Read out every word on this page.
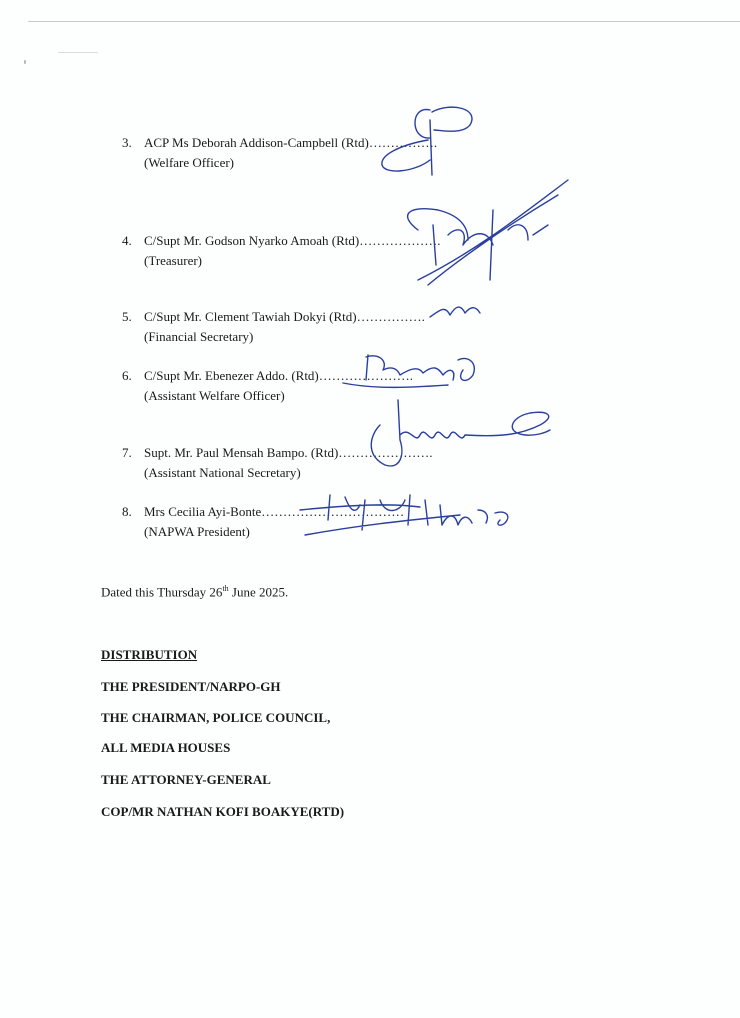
3. ACP Ms Deborah Addison-Campbell (Rtd)…………….
(Welfare Officer)
4. C/Supt Mr. Godson Nyarko Amoah (Rtd)……………….
(Treasurer)
5. C/Supt Mr. Clement Tawiah Dokyi (Rtd)…………….
(Financial Secretary)
6. C/Supt Mr. Ebenezer Addo. (Rtd)………………….
(Assistant Welfare Officer)
7. Supt. Mr. Paul Mensah Bampo. (Rtd)………………….
(Assistant National Secretary)
8. Mrs Cecilia Ayi-Bonte……………………………
(NAPWA President)
Dated this Thursday 26th June 2025.
DISTRIBUTION
THE PRESIDENT/NARPO-GH
THE CHAIRMAN, POLICE COUNCIL,
ALL MEDIA HOUSES
THE ATTORNEY-GENERAL
COP/MR NATHAN KOFI BOAKYE(RTD)
